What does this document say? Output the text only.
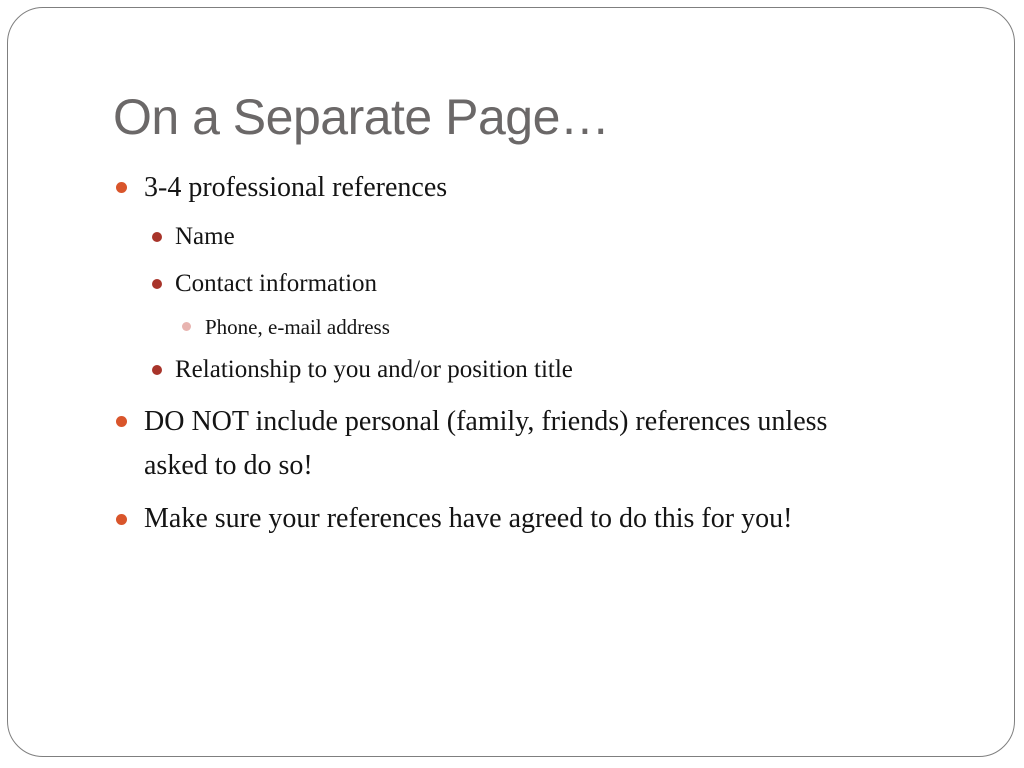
On a Separate Page…
3-4 professional references
Name
Contact information
Phone, e-mail address
Relationship to you and/or position title
DO NOT include personal (family, friends) references unless
asked to do so!
Make sure your references have agreed to do this for you!
